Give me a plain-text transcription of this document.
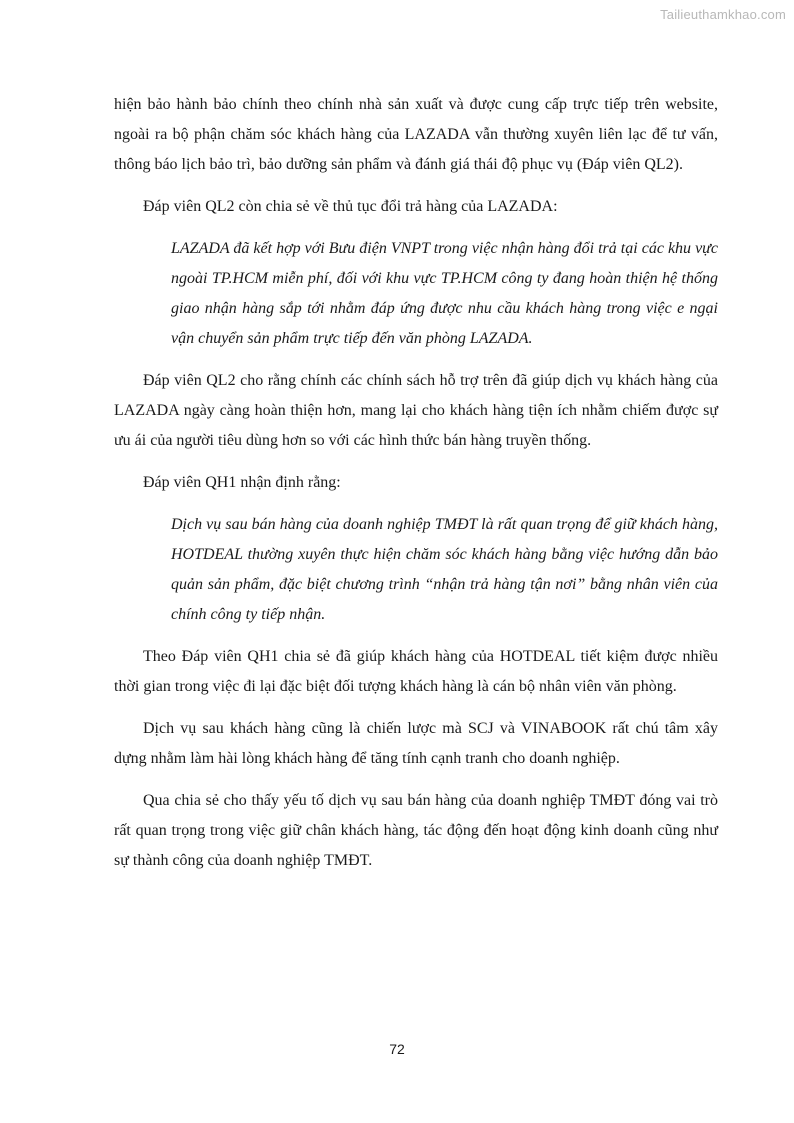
Tailieuthamkhao.com

hiện bảo hành bảo chính theo chính nhà sản xuất và được cung cấp trực tiếp trên website, ngoài ra bộ phận chăm sóc khách hàng của LAZADA vẫn thường xuyên liên lạc để tư vấn, thông báo lịch bảo trì, bảo dưỡng sản phẩm và đánh giá thái độ phục vụ (Đáp viên QL2).

Đáp viên QL2 còn chia sẻ về thủ tục đổi trả hàng của LAZADA:

LAZADA đã kết hợp với Bưu điện VNPT trong việc nhận hàng đổi trả tại các khu vực ngoài TP.HCM miễn phí, đối với khu vực TP.HCM công ty đang hoàn thiện hệ thống giao nhận hàng sắp tới nhằm đáp ứng được nhu cầu khách hàng trong việc e ngại vận chuyển sản phẩm trực tiếp đến văn phòng LAZADA.

Đáp viên QL2 cho rằng chính các chính sách hỗ trợ trên đã giúp dịch vụ khách hàng của LAZADA ngày càng hoàn thiện hơn, mang lại cho khách hàng tiện ích nhằm chiếm được sự ưu ái của người tiêu dùng hơn so với các hình thức bán hàng truyền thống.

Đáp viên QH1 nhận định rằng:

Dịch vụ sau bán hàng của doanh nghiệp TMĐT là rất quan trọng để giữ khách hàng, HOTDEAL thường xuyên thực hiện chăm sóc khách hàng bằng việc hướng dẫn bảo quản sản phẩm, đặc biệt chương trình “nhận trả hàng tận nơi” bằng nhân viên của chính công ty tiếp nhận.

Theo Đáp viên QH1 chia sẻ đã giúp khách hàng của HOTDEAL tiết kiệm được nhiều thời gian trong việc đi lại đặc biệt đối tượng khách hàng là cán bộ nhân viên văn phòng.

Dịch vụ sau khách hàng cũng là chiến lược mà SCJ và VINABOOK rất chú tâm xây dựng nhằm làm hài lòng khách hàng để tăng tính cạnh tranh cho doanh nghiệp.

Qua chia sẻ cho thấy yếu tố dịch vụ sau bán hàng của doanh nghiệp TMĐT đóng vai trò rất quan trọng trong việc giữ chân khách hàng, tác động đến hoạt động kinh doanh cũng như sự thành công của doanh nghiệp TMĐT.

72
